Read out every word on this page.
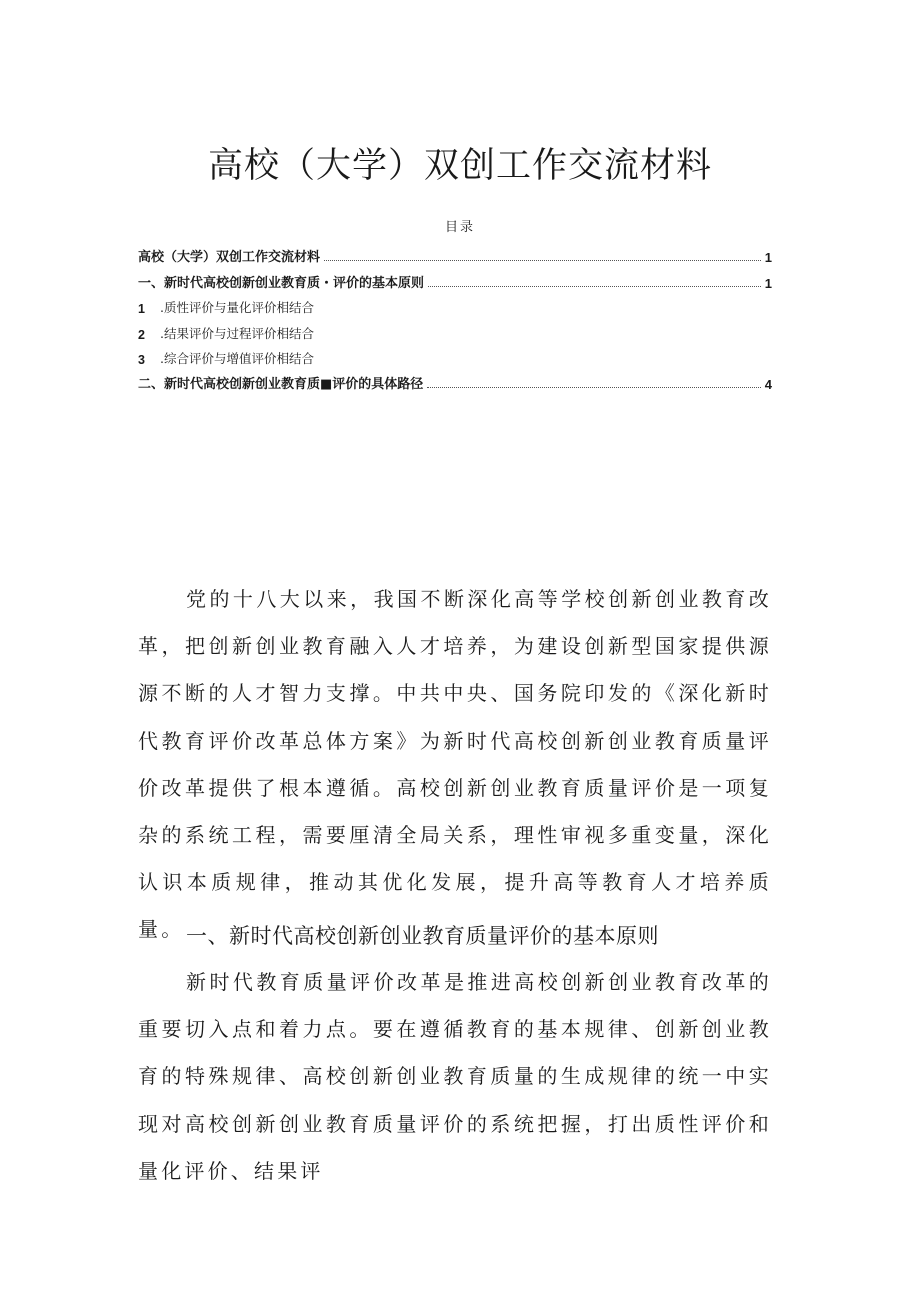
高校（大学）双创工作交流材料
目录
高校（大学）双创工作交流材料	1
一、新时代高校创新创业教育质・评价的基本原则	1
1	.质性评价与量化评价相结合
2	.结果评价与过程评价相结合
3	.综合评价与增值评价相结合
二、新时代高校创新创业教育质■评价的具体路径	4

党的十八大以来，我国不断深化高等学校创新创业教育改革，把创新创业教育融入人才培养，为建设创新型国家提供源源不断的人才智力支撑。中共中央、国务院印发的《深化新时代教育评价改革总体方案》为新时代高校创新创业教育质量评价改革提供了根本遵循。高校创新创业教育质量评价是一项复杂的系统工程，需要厘清全局关系，理性审视多重变量，深化认识本质规律，推动其优化发展，提升高等教育人才培养质量。 一、新时代高校创新创业教育质量评价的基本原则

新时代教育质量评价改革是推进高校创新创业教育改革的重要切入点和着力点。要在遵循教育的基本规律、创新创业教育的特殊规律、高校创新创业教育质量的生成规律的统一中实现对高校创新创业教育质量评价的系统把握，打出质性评价和量化评价、结果评
